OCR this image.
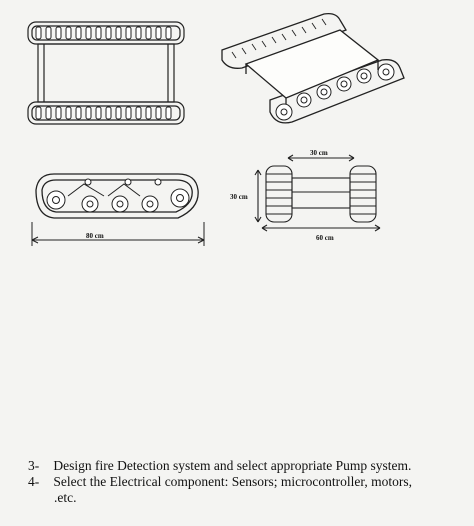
80 cm
30 cm
30 cm
60 cm
3- Design fire Detection system and select appropriate Pump system.
4- Select the Electrical component: Sensors; microcontroller, motors,
.etc.
